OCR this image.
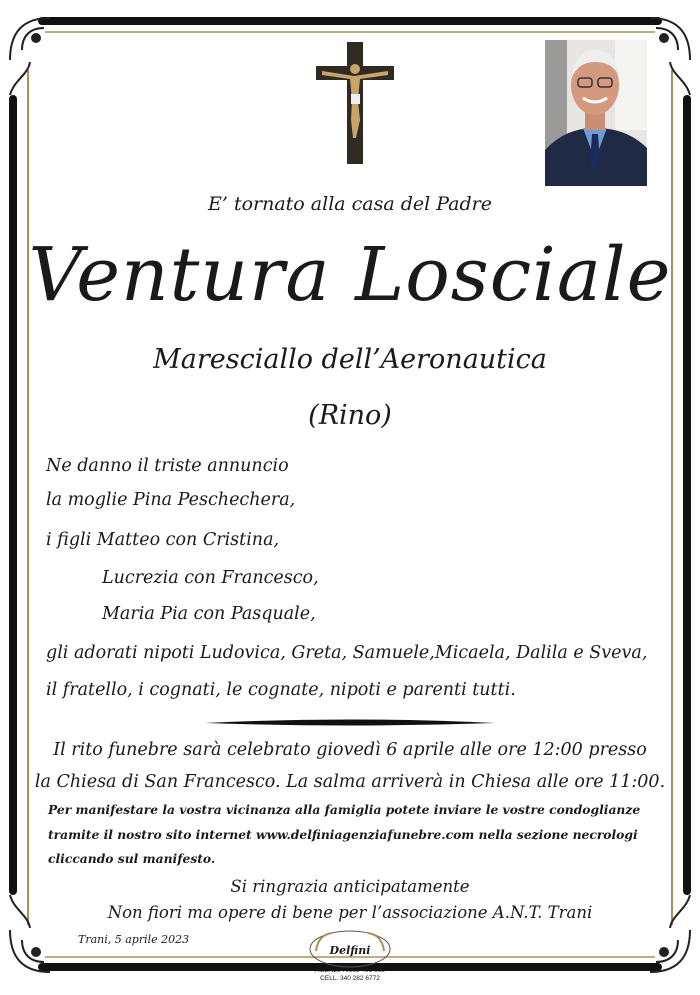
E’ tornato alla casa del Padre
Ventura Losciale
Maresciallo dell’Aeronautica
(Rino)
Ne danno il triste annuncio
la moglie Pina Peschechera,
i figli Matteo con Cristina,
Lucrezia con Francesco,
Maria Pia con Pasquale,
gli adorati nipoti Ludovica, Greta, Samuele,Micaela, Dalila e Sveva,
il fratello, i cognati, le cognate, nipoti e parenti tutti.
Il rito funebre sarà celebrato giovedì 6 aprile alle ore 12:00 presso
la Chiesa di San Francesco. La salma arriverà in Chiesa alle ore 11:00.
Per manifestare la vostra vicinanza alla famiglia potete inviare le vostre condoglianze
tramite il nostro sito internet www.delfiniagenziafunebre.com nella sezione necrologi
cliccando sul manifesto.
Si ringrazia anticipatamente
Non fiori ma opere di bene per l’associazione A.N.T. Trani
Trani, 5 aprile 2023
Delfini
AGENZIA 0883 481 608
CELL. 340 282 6772
